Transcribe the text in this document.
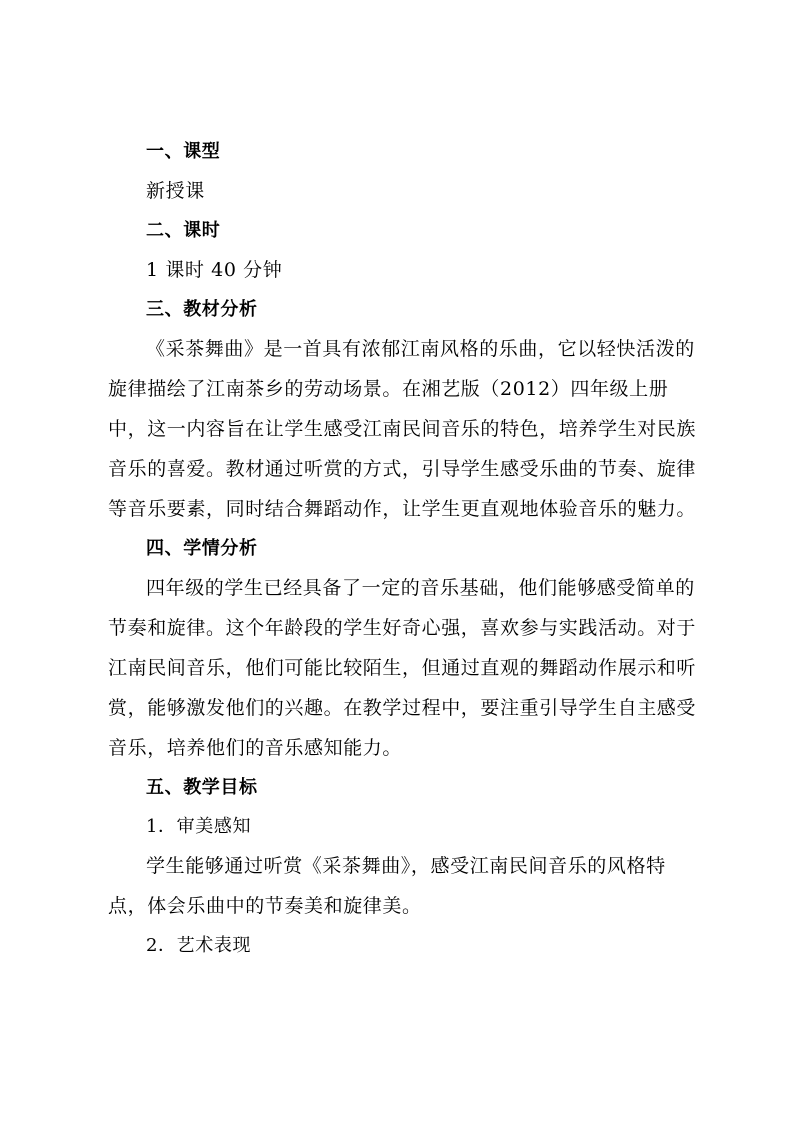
一、课型

新授课

二、课时

1 课时 40 分钟

三、教材分析

《采茶舞曲》是一首具有浓郁江南风格的乐曲，它以轻快活泼的旋律描绘了江南茶乡的劳动场景。在湘艺版（2012）四年级上册中，这一内容旨在让学生感受江南民间音乐的特色，培养学生对民族音乐的喜爱。教材通过听赏的方式，引导学生感受乐曲的节奏、旋律等音乐要素，同时结合舞蹈动作，让学生更直观地体验音乐的魅力。

四、学情分析

四年级的学生已经具备了一定的音乐基础，他们能够感受简单的节奏和旋律。这个年龄段的学生好奇心强，喜欢参与实践活动。对于江南民间音乐，他们可能比较陌生，但通过直观的舞蹈动作展示和听赏，能够激发他们的兴趣。在教学过程中，要注重引导学生自主感受音乐，培养他们的音乐感知能力。

五、教学目标

1．审美感知

学生能够通过听赏《采茶舞曲》，感受江南民间音乐的风格特点，体会乐曲中的节奏美和旋律美。

2．艺术表现
